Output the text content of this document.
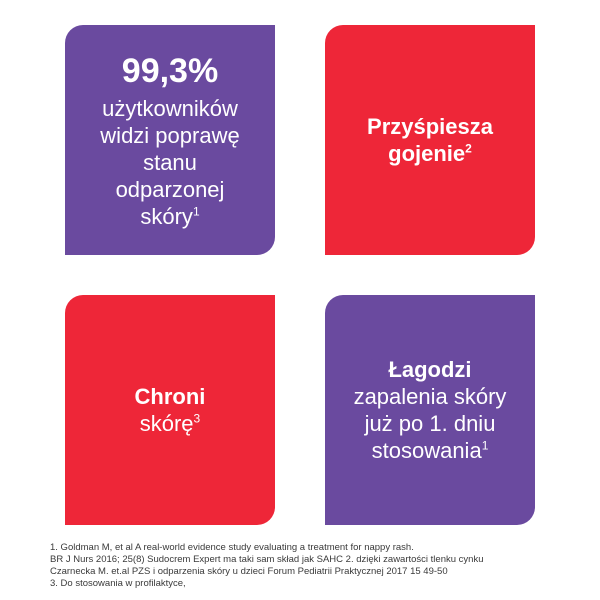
99,3%
użytkowników
widzi poprawę
stanu
odparzonej
skóry$^1$
Przyśpiesza
gojenie$^2$
Chroni
skórę$^3$
Łagodzi
zapalenia skóry
już po 1. dniu
stosowania$^1$
1. Goldman M, et al A real-world evidence study evaluating a treatment for nappy rash.
BR J Nurs 2016; 25(8) Sudocrem Expert ma taki sam skład jak SAHC 2. dzięki zawartości tlenku cynku
Czarnecka M. et.al PZS i odparzenia skóry u dzieci Forum Pediatrii Praktycznej 2017 15 49-50
3. Do stosowania w profilaktyce,
